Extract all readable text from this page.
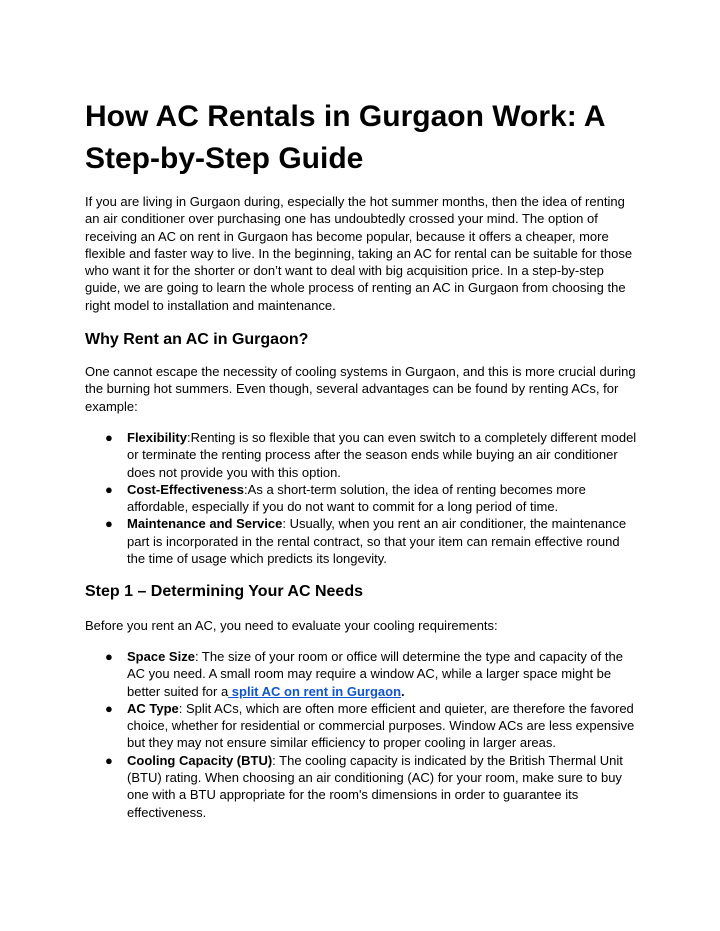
How AC Rentals in Gurgaon Work: A Step-by-Step Guide

If you are living in Gurgaon during, especially the hot summer months, then the idea of renting an air conditioner over purchasing one has undoubtedly crossed your mind. The option of receiving an AC on rent in Gurgaon has become popular, because it offers a cheaper, more flexible and faster way to live. In the beginning, taking an AC for rental can be suitable for those who want it for the shorter or don’t want to deal with big acquisition price. In a step-by-step guide, we are going to learn the whole process of renting an AC in Gurgaon from choosing the right model to installation and maintenance.

Why Rent an AC in Gurgaon?

One cannot escape the necessity of cooling systems in Gurgaon, and this is more crucial during the burning hot summers. Even though, several advantages can be found by renting ACs, for example:

● Flexibility:Renting is so flexible that you can even switch to a completely different model or terminate the renting process after the season ends while buying an air conditioner does not provide you with this option.
● Cost-Effectiveness:As a short-term solution, the idea of renting becomes more affordable, especially if you do not want to commit for a long period of time.
● Maintenance and Service: Usually, when you rent an air conditioner, the maintenance part is incorporated in the rental contract, so that your item can remain effective round the time of usage which predicts its longevity.
Step 1 – Determining Your AC Needs

Before you rent an AC, you need to evaluate your cooling requirements:

● Space Size: The size of your room or office will determine the type and capacity of the AC you need. A small room may require a window AC, while a larger space might be better suited for a split AC on rent in Gurgaon.
● AC Type: Split ACs, which are often more efficient and quieter, are therefore the favored choice, whether for residential or commercial purposes. Window ACs are less expensive but they may not ensure similar efficiency to proper cooling in larger areas.
● Cooling Capacity (BTU): The cooling capacity is indicated by the British Thermal Unit (BTU) rating. When choosing an air conditioning (AC) for your room, make sure to buy one with a BTU appropriate for the room's dimensions in order to guarantee its effectiveness.
